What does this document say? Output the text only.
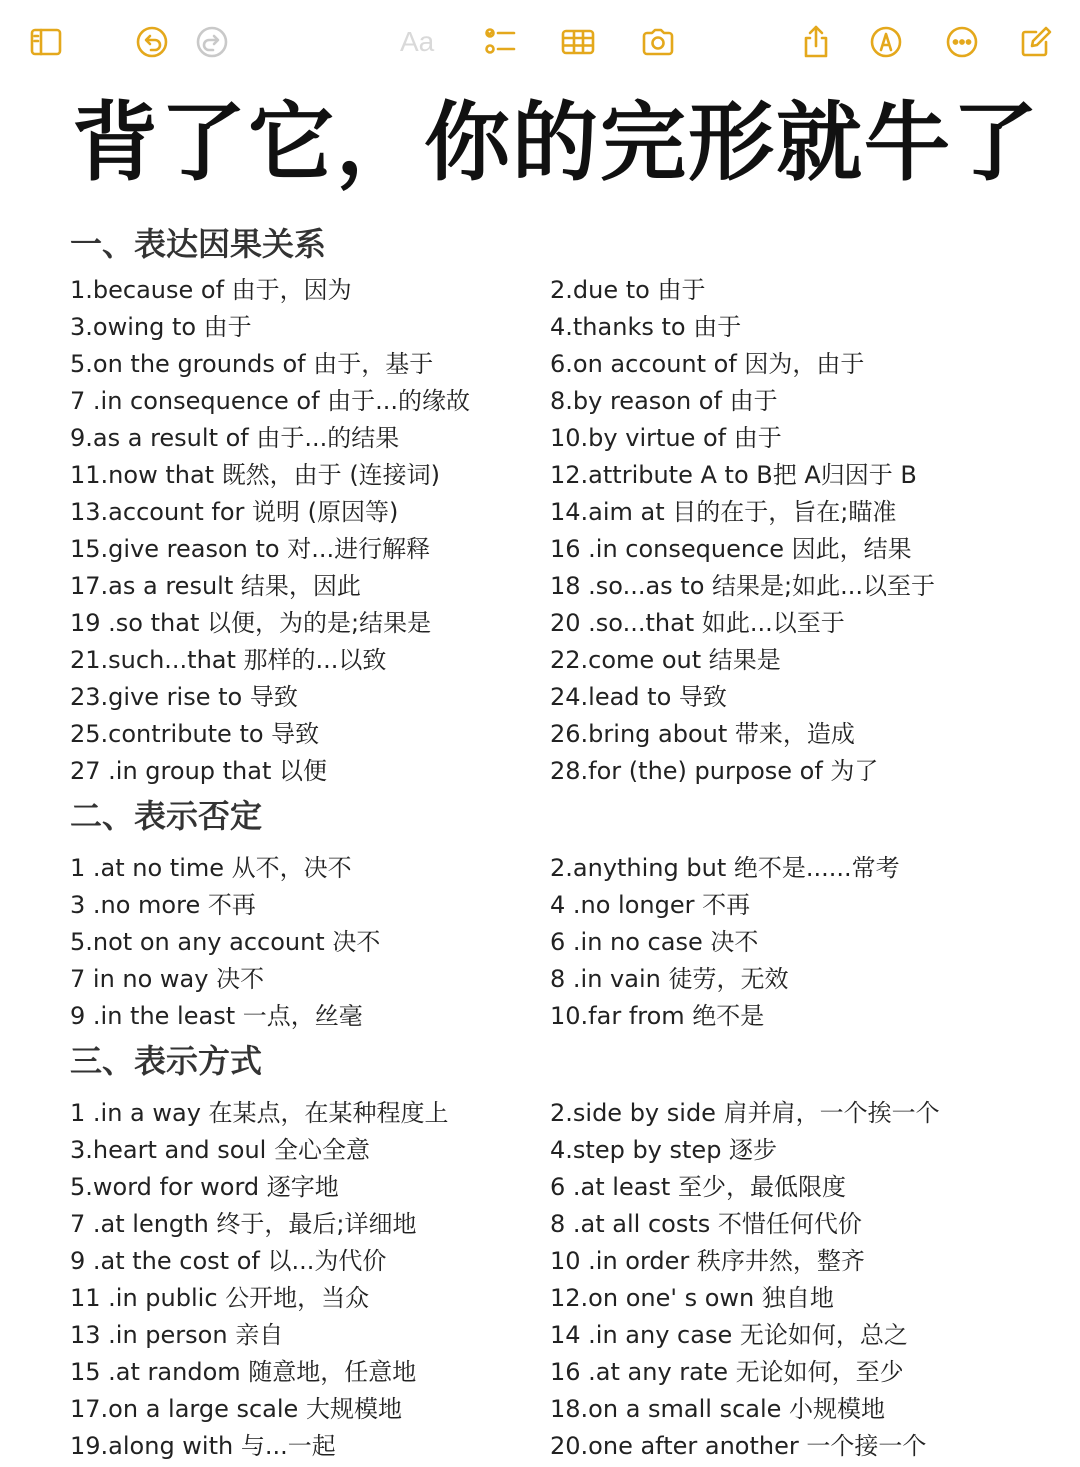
Aa
背了它，你的完形就牛了
一、表达因果关系
1.because of 由于，因为	2.due to 由于
3.owing to 由于	4.thanks to 由于
5.on the grounds of 由于，基于	6.on account of 因为，由于
7 .in consequence of 由于...的缘故	8.by reason of 由于
9.as a result of 由于...的结果	10.by virtue of 由于
11.now that 既然，由于 (连接词)	12.attribute A to B把 A归因于 B
13.account for 说明 (原因等)	14.aim at 目的在于，旨在;瞄准
15.give reason to 对...进行解释	16 .in consequence 因此，结果
17.as a result 结果，因此	18 .so...as to 结果是;如此...以至于
19 .so that 以便，为的是;结果是	20 .so...that 如此...以至于
21.such...that 那样的...以致	22.come out 结果是
23.give rise to 导致	24.lead to 导致
25.contribute to 导致	26.bring about 带来，造成
27 .in group that 以便	28.for (the) purpose of 为了
二、表示否定
1 .at no time 从不，决不	2.anything but 绝不是......常考
3 .no more 不再	4 .no longer 不再
5.not on any account 决不	6 .in no case 决不
7 in no way 决不	8 .in vain 徒劳，无效
9 .in the least 一点，丝毫	10.far from 绝不是
三、表示方式
1 .in a way 在某点，在某种程度上	2.side by side 肩并肩，一个挨一个
3.heart and soul 全心全意	4.step by step 逐步
5.word for word 逐字地	6 .at least 至少，最低限度
7 .at length 终于，最后;详细地	8 .at all costs 不惜任何代价
9 .at the cost of 以...为代价	10 .in order 秩序井然，整齐
11 .in public 公开地，当众	12.on one' s own 独自地
13 .in person 亲自	14 .in any case 无论如何，总之
15 .at random 随意地，任意地	16 .at any rate 无论如何，至少
17.on a large scale 大规模地	18.on a small scale 小规模地
19.along with 与...一起	20.one after another 一个接一个
